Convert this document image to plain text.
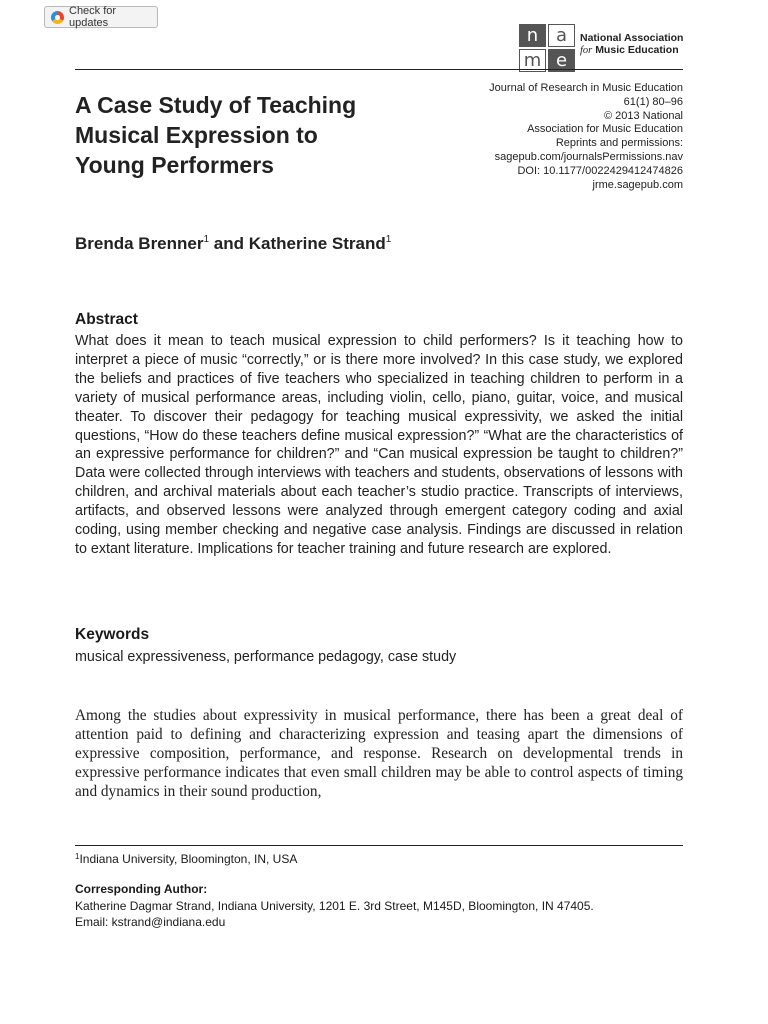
Check for updates
n a
m e
National Association
for Music Education
A Case Study of Teaching
Musical Expression to
Young Performers
Journal of Research in Music Education
61(1) 80–96
© 2013 National
Association for Music Education
Reprints and permissions:
sagepub.com/journalsPermissions.nav
DOI: 10.1177/0022429412474826
jrme.sagepub.com
Brenda Brenner$^1$ and Katherine Strand$^1$
Abstract

What does it mean to teach musical expression to child performers? Is it teaching how to interpret a piece of music “correctly,” or is there more involved? In this case study, we explored the beliefs and practices of five teachers who specialized in teaching children to perform in a variety of musical performance areas, including violin, cello, piano, guitar, voice, and musical theater. To discover their pedagogy for teaching musical expressivity, we asked the initial questions, “How do these teachers define musical expression?” “What are the characteristics of an expressive performance for children?” and “Can musical expression be taught to children?” Data were collected through interviews with teachers and students, observations of lessons with children, and archival materials about each teacher’s studio practice. Transcripts of interviews, artifacts, and observed lessons were analyzed through emergent category coding and axial coding, using member checking and negative case analysis. Findings are discussed in relation to extant literature. Implications for teacher training and future research are explored.

Keywords

musical expressiveness, performance pedagogy, case study

Among the studies about expressivity in musical performance, there has been a great deal of attention paid to defining and characterizing expression and teasing apart the dimensions of expressive composition, performance, and response. Research on developmental trends in expressive performance indicates that even small children may be able to control aspects of timing and dynamics in their sound production,

$^1$Indiana University, Bloomington, IN, USA

Corresponding Author:

Katherine Dagmar Strand, Indiana University, 1201 E. 3rd Street, M145D, Bloomington, IN 47405.
Email: kstrand@indiana.edu
